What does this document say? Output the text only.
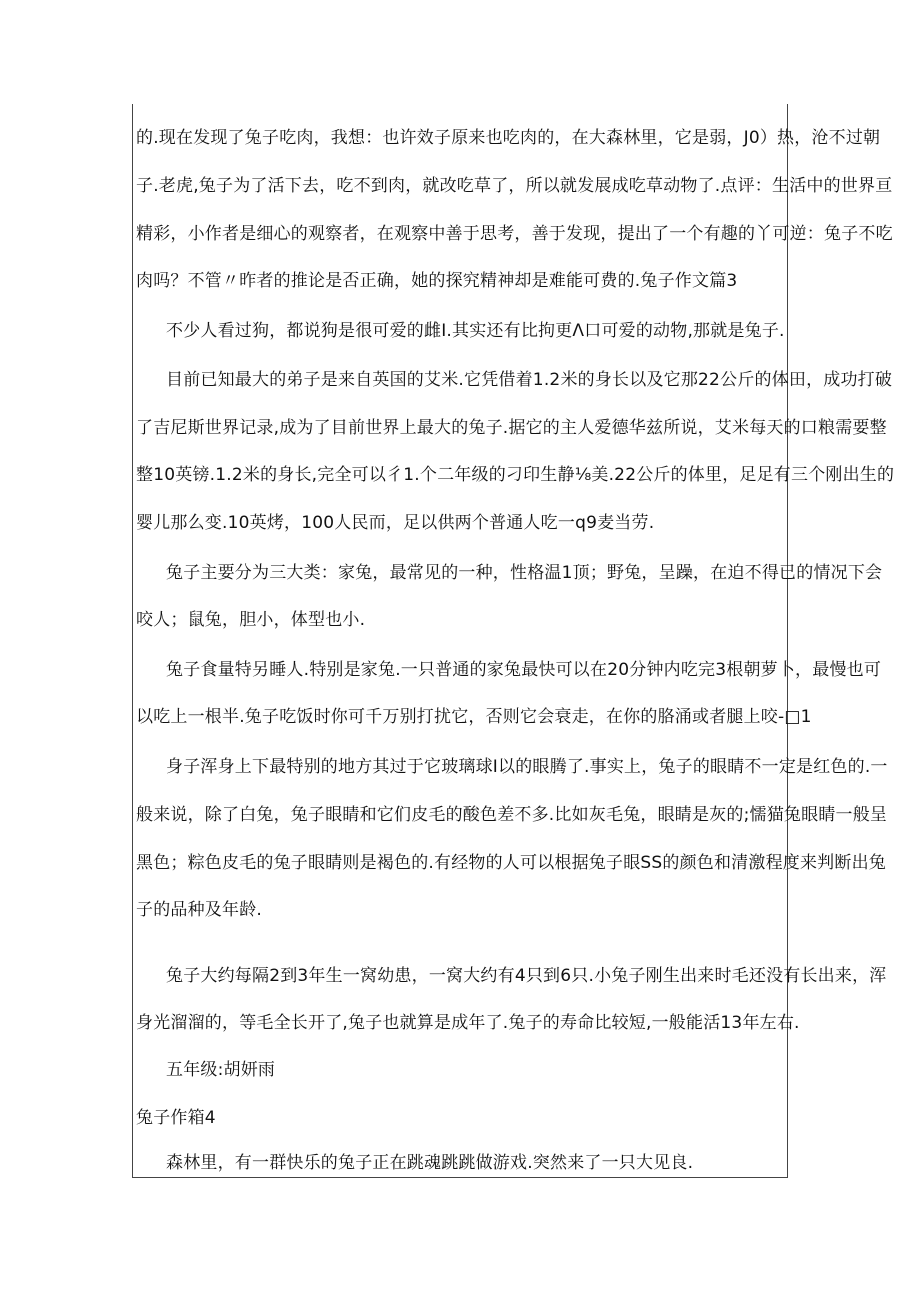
的.现在发现了兔子吃肉，我想：也许效子原来也吃肉的，在大森林里，它是弱，J0）热，沧不过朝
子.老虎,兔子为了活下去，吃不到肉，就改吃草了，所以就发展成吃草动物了.点评：生活中的世界亘
精彩，小作者是细心的观察者，在观察中善于思考，善于发现，提出了一个有趣的丫可逆：兔子不吃
肉吗？不管〃昨者的推论是否正确，她的探究精神却是难能可费的.兔子作文篇3
不少人看过狗，都说狗是很可爱的雌I.其实还有比拘更Λ口可爱的动物,那就是兔子.
目前已知最大的弟子是来自英国的艾米.它凭借着1.2米的身长以及它那22公斤的体田，成功打破
了吉尼斯世界记录,成为了目前世界上最大的兔子.据它的主人爱德华兹所说，艾米每天的口粮需要整
整10英镑.1.2米的身长,完全可以彳1.个二年级的刁印生静⅛美.22公斤的体里，足足有三个刚出生的
婴儿那么变.10英烤，100人民而，足以供两个普通人吃一q9麦当劳.
兔子主要分为三大类：家兔，最常见的一种，性格温1顶；野兔，呈躁，在迫不得已的情况下会
咬人；鼠兔，胆小，体型也小.
兔子食量特另睡人.特别是家兔.一只普通的家兔最快可以在20分钟内吃完3根朝萝卜，最慢也可
以吃上一根半.兔子吃饭时你可千万别打扰它，否则它会衰走，在你的胳涌或者腿上咬-□1
身子浑身上下最特别的地方其过于它玻璃球I以的眼腾了.事实上，兔子的眼睛不一定是红色的.一
般来说，除了白兔，兔子眼睛和它们皮毛的酸色差不多.比如灰毛兔，眼睛是灰的;懦猫兔眼睛一般呈
黑色；粽色皮毛的兔子眼睛则是褐色的.有经物的人可以根据兔子眼SS的颜色和清激程度来判断出兔
子的品种及年龄.
兔子大约每隔2到3年生一窝幼患，一窝大约有4只到6只.小兔子刚生出来时毛还没有长出来，浑
身光溜溜的，等毛全长开了,兔子也就算是成年了.兔子的寿命比较短,一般能活13年左右.
五年级:胡妍雨
兔子作箱4
森林里，有一群快乐的兔子正在跳魂跳跳做游戏.突然来了一只大见良.
